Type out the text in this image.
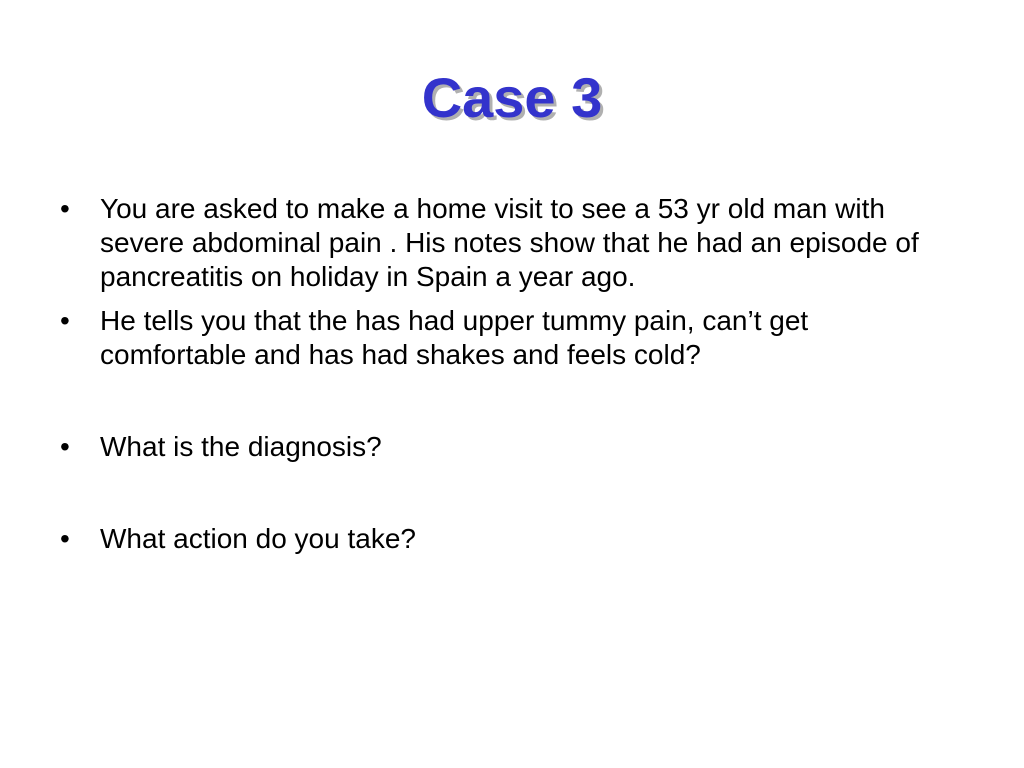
Case 3
•	You are asked to make a home visit to see a 53 yr old man with severe abdominal pain . His notes show that he had an episode of pancreatitis on holiday in Spain a year ago.
•	He tells you that the has had upper tummy pain, can’t get comfortable and has had shakes and feels cold?
•	What is the diagnosis?
•	What action do you take?
